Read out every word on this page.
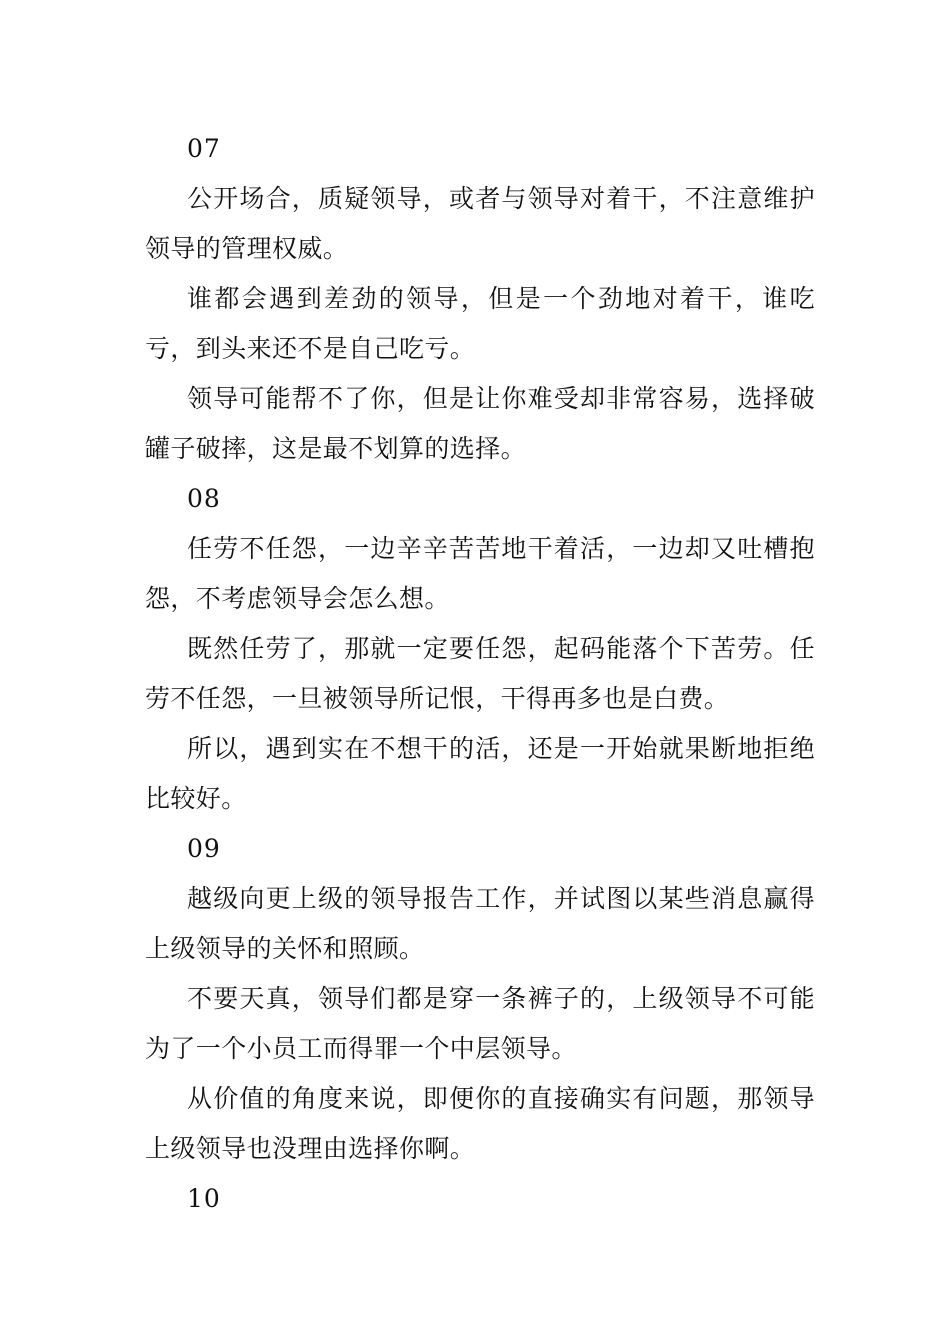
07

公开场合，质疑领导，或者与领导对着干，不注意维护领导的管理权威。

谁都会遇到差劲的领导，但是一个劲地对着干，谁吃亏，到头来还不是自己吃亏。

领导可能帮不了你，但是让你难受却非常容易，选择破罐子破摔，这是最不划算的选择。

08

任劳不任怨，一边辛辛苦苦地干着活，一边却又吐槽抱怨，不考虑领导会怎么想。

既然任劳了，那就一定要任怨，起码能落个下苦劳。任劳不任怨，一旦被领导所记恨，干得再多也是白费。

所以，遇到实在不想干的活，还是一开始就果断地拒绝比较好。

09

越级向更上级的领导报告工作，并试图以某些消息赢得上级领导的关怀和照顾。

不要天真，领导们都是穿一条裤子的，上级领导不可能为了一个小员工而得罪一个中层领导。

从价值的角度来说，即便你的直接确实有问题，那领导上级领导也没理由选择你啊。

10
